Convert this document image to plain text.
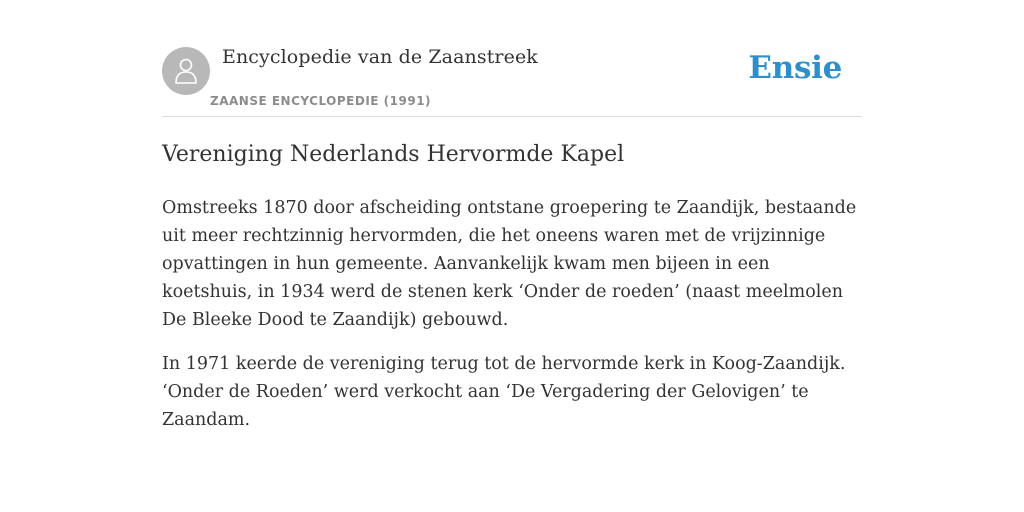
Encyclopedie van de Zaanstreek
ZAANSE ENCYCLOPEDIE (1991)
Ensie
Vereniging Nederlands Hervormde Kapel

Omstreeks 1870 door afscheiding ontstane groepering te Zaandijk, bestaande uit meer rechtzinnig hervormden, die het oneens waren met de vrijzinnige opvattingen in hun gemeente. Aanvankelijk kwam men bijeen in een koetshuis, in 1934 werd de stenen kerk ‘Onder de roeden’ (naast meelmolen De Bleeke Dood te Zaandijk) gebouwd.

In 1971 keerde de vereniging terug tot de hervormde kerk in Koog-Zaandijk. ‘Onder de Roeden’ werd verkocht aan ‘De Vergadering der Gelovigen’ te Zaandam.
